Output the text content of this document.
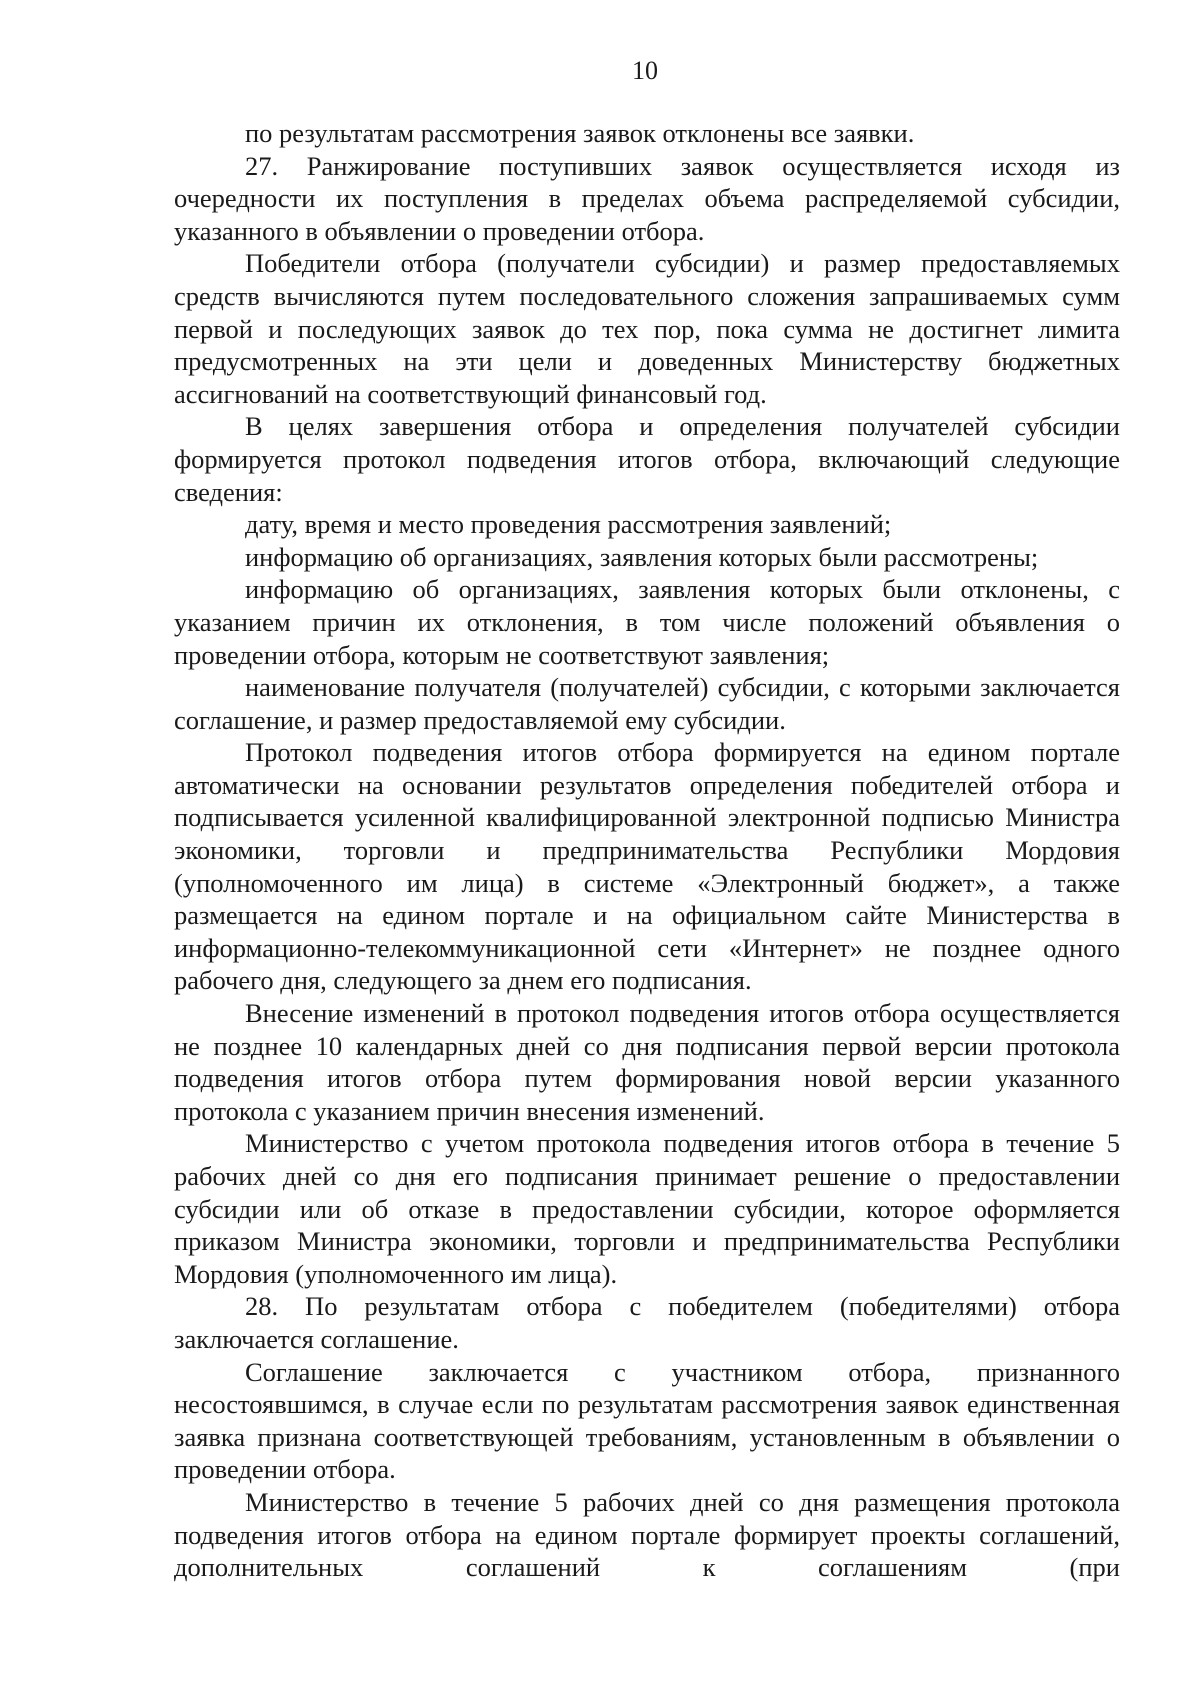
10

по результатам рассмотрения заявок отклонены все заявки.

27. Ранжирование поступивших заявок осуществляется исходя из очередности их поступления в пределах объема распределяемой субсидии, указанного в объявлении о проведении отбора.

Победители отбора (получатели субсидии) и размер предоставляемых средств вычисляются путем последовательного сложения запрашиваемых сумм первой и последующих заявок до тех пор, пока сумма не достигнет лимита предусмотренных на эти цели и доведенных Министерству бюджетных ассигнований на соответствующий финансовый год.

В целях завершения отбора и определения получателей субсидии формируется протокол подведения итогов отбора, включающий следующие сведения:

дату, время и место проведения рассмотрения заявлений;

информацию об организациях, заявления которых были рассмотрены;

информацию об организациях, заявления которых были отклонены, с указанием причин их отклонения, в том числе положений объявления о проведении отбора, которым не соответствуют заявления;

наименование получателя (получателей) субсидии, с которыми заключается соглашение, и размер предоставляемой ему субсидии.

Протокол подведения итогов отбора формируется на едином портале автоматически на основании результатов определения победителей отбора и подписывается усиленной квалифицированной электронной подписью Министра экономики, торговли и предпринимательства Республики Мордовия (уполномоченного им лица) в системе «Электронный бюджет», а также размещается на едином портале и на официальном сайте Министерства в информационно-телекоммуникационной сети «Интернет» не позднее одного рабочего дня, следующего за днем его подписания.

Внесение изменений в протокол подведения итогов отбора осуществляется не позднее 10 календарных дней со дня подписания первой версии протокола подведения итогов отбора путем формирования новой версии указанного протокола с указанием причин внесения изменений.

Министерство с учетом протокола подведения итогов отбора в течение 5 рабочих дней со дня его подписания принимает решение о предоставлении субсидии или об отказе в предоставлении субсидии, которое оформляется приказом Министра экономики, торговли и предпринимательства Республики Мордовия (уполномоченного им лица).

28. По результатам отбора с победителем (победителями) отбора заключается соглашение.

Соглашение заключается с участником отбора, признанного несостоявшимся, в случае если по результатам рассмотрения заявок единственная заявка признана соответствующей требованиям, установленным в объявлении о проведении отбора.

Министерство в течение 5 рабочих дней со дня размещения протокола подведения итогов отбора на едином портале формирует проекты соглашений, дополнительных соглашений к соглашениям (при
